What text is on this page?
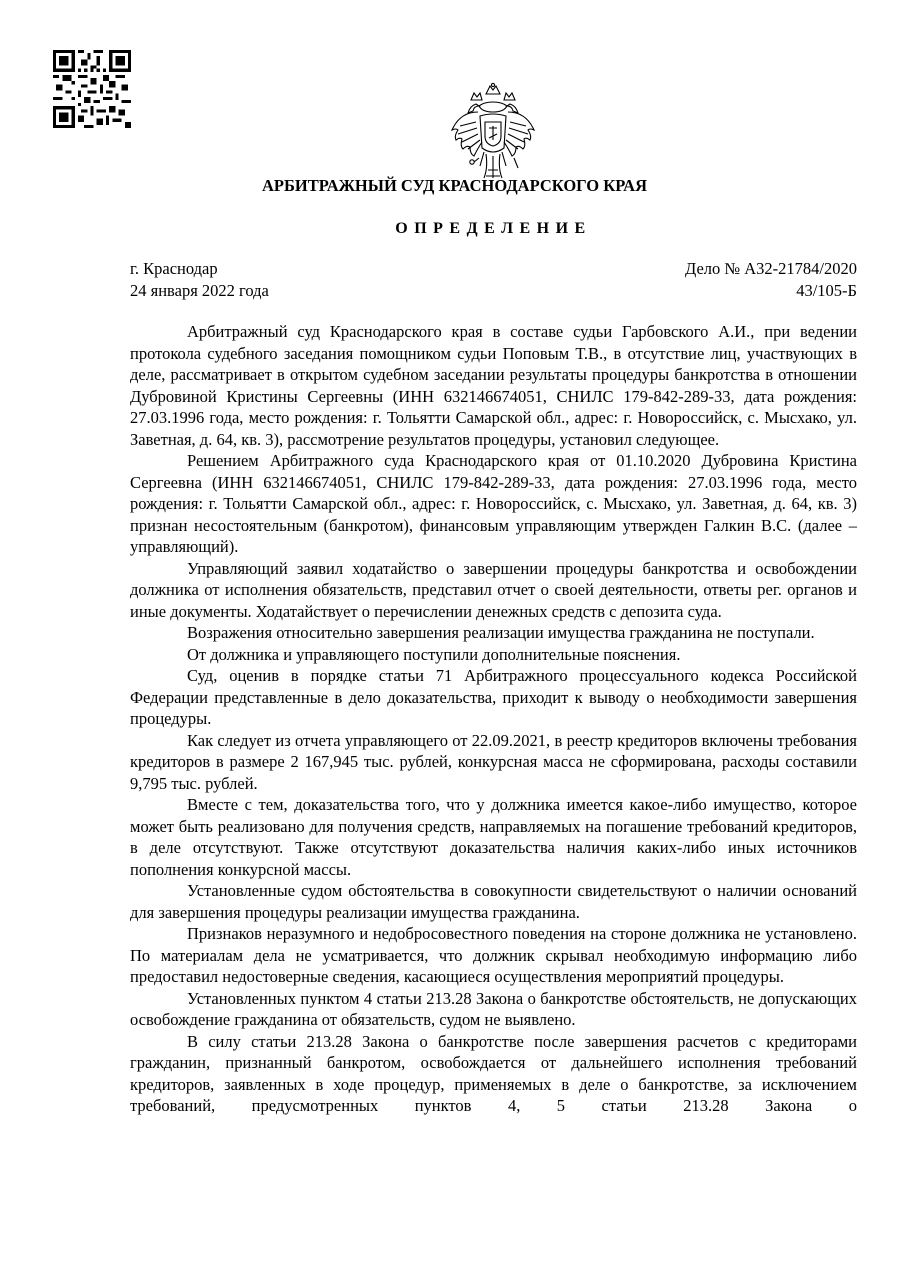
АРБИТРАЖНЫЙ СУД КРАСНОДАРСКОГО КРАЯ
ОПРЕДЕЛЕНИЕ
г. Краснодар
24 января 2022 года
Дело № А32-21784/2020
43/105-Б

Арбитражный суд Краснодарского края в составе судьи Гарбовского А.И., при ведении протокола судебного заседания помощником судьи Поповым Т.В., в отсутствие лиц, участвующих в деле, рассматривает в открытом судебном заседании результаты процедуры банкротства в отношении Дубровиной Кристины Сергеевны (ИНН 632146674051, СНИЛС 179-842-289-33, дата рождения: 27.03.1996 года, место рождения: г. Тольятти Самарской обл., адрес: г. Новороссийск, с. Мысхако, ул. Заветная, д. 64, кв. 3), рассмотрение результатов процедуры, установил следующее.

Решением Арбитражного суда Краснодарского края от 01.10.2020 Дубровина Кристина Сергеевна (ИНН 632146674051, СНИЛС 179-842-289-33, дата рождения: 27.03.1996 года, место рождения: г. Тольятти Самарской обл., адрес: г. Новороссийск, с. Мысхако, ул. Заветная, д. 64, кв. 3) признан несостоятельным (банкротом), финансовым управляющим утвержден Галкин В.С. (далее – управляющий).

Управляющий заявил ходатайство о завершении процедуры банкротства и освобождении должника от исполнения обязательств, представил отчет о своей деятельности, ответы рег. органов и иные документы. Ходатайствует о перечислении денежных средств с депозита суда.

Возражения относительно завершения реализации имущества гражданина не поступали.

От должника и управляющего поступили дополнительные пояснения.

Суд, оценив в порядке статьи 71 Арбитражного процессуального кодекса Российской Федерации представленные в дело доказательства, приходит к выводу о необходимости завершения процедуры.

Как следует из отчета управляющего от 22.09.2021, в реестр кредиторов включены требования кредиторов в размере 2 167,945 тыс. рублей, конкурсная масса не сформирована, расходы составили 9,795 тыс. рублей.

Вместе с тем, доказательства того, что у должника имеется какое-либо имущество, которое может быть реализовано для получения средств, направляемых на погашение требований кредиторов, в деле отсутствуют. Также отсутствуют доказательства наличия каких-либо иных источников пополнения конкурсной массы.

Установленные судом обстоятельства в совокупности свидетельствуют о наличии оснований для завершения процедуры реализации имущества гражданина.

Признаков неразумного и недобросовестного поведения на стороне должника не установлено. По материалам дела не усматривается, что должник скрывал необходимую информацию либо предоставил недостоверные сведения, касающиеся осуществления мероприятий процедуры.

Установленных пунктом 4 статьи 213.28 Закона о банкротстве обстоятельств, не допускающих освобождение гражданина от обязательств, судом не выявлено.

В силу статьи 213.28 Закона о банкротстве после завершения расчетов с кредиторами гражданин, признанный банкротом, освобождается от дальнейшего исполнения требований кредиторов, заявленных в ходе процедур, применяемых в деле о банкротстве, за исключением требований, предусмотренных пунктов 4, 5 статьи 213.28 Закона о
